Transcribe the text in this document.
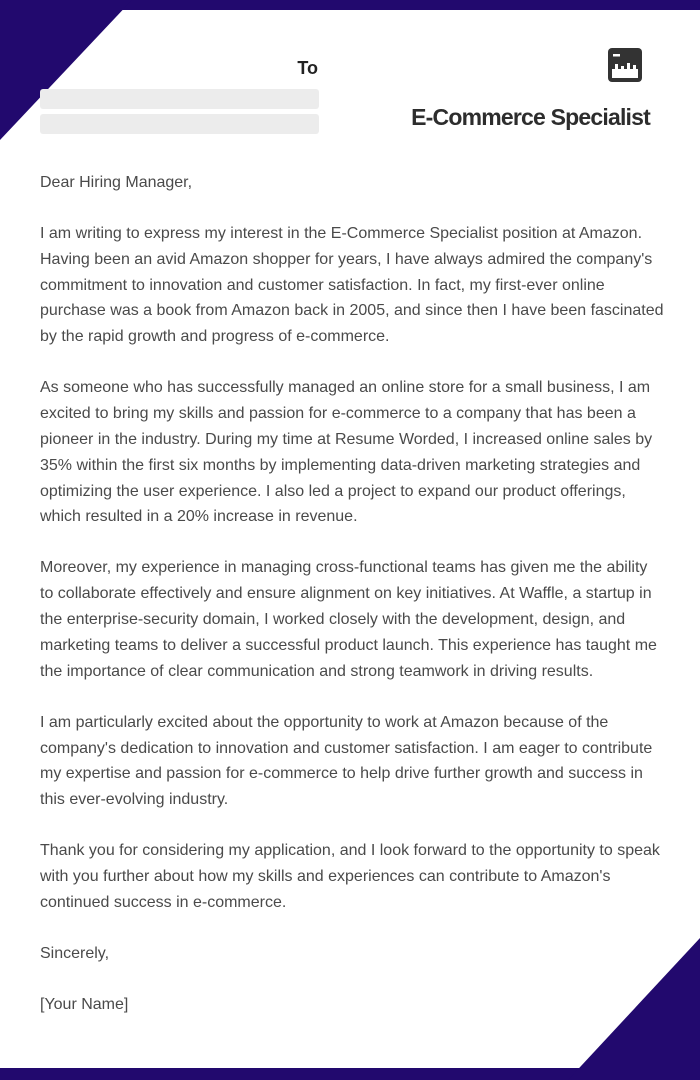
To
E-Commerce Specialist

Dear Hiring Manager,

I am writing to express my interest in the E-Commerce Specialist position at Amazon. Having been an avid Amazon shopper for years, I have always admired the company's commitment to innovation and customer satisfaction. In fact, my first-ever online purchase was a book from Amazon back in 2005, and since then I have been fascinated by the rapid growth and progress of e-commerce.

As someone who has successfully managed an online store for a small business, I am excited to bring my skills and passion for e-commerce to a company that has been a pioneer in the industry. During my time at Resume Worded, I increased online sales by 35% within the first six months by implementing data-driven marketing strategies and optimizing the user experience. I also led a project to expand our product offerings, which resulted in a 20% increase in revenue.

Moreover, my experience in managing cross-functional teams has given me the ability to collaborate effectively and ensure alignment on key initiatives. At Waffle, a startup in the enterprise-security domain, I worked closely with the development, design, and marketing teams to deliver a successful product launch. This experience has taught me the importance of clear communication and strong teamwork in driving results.

I am particularly excited about the opportunity to work at Amazon because of the company's dedication to innovation and customer satisfaction. I am eager to contribute my expertise and passion for e-commerce to help drive further growth and success in this ever-evolving industry.

Thank you for considering my application, and I look forward to the opportunity to speak with you further about how my skills and experiences can contribute to Amazon's continued success in e-commerce.

Sincerely,

[Your Name]
